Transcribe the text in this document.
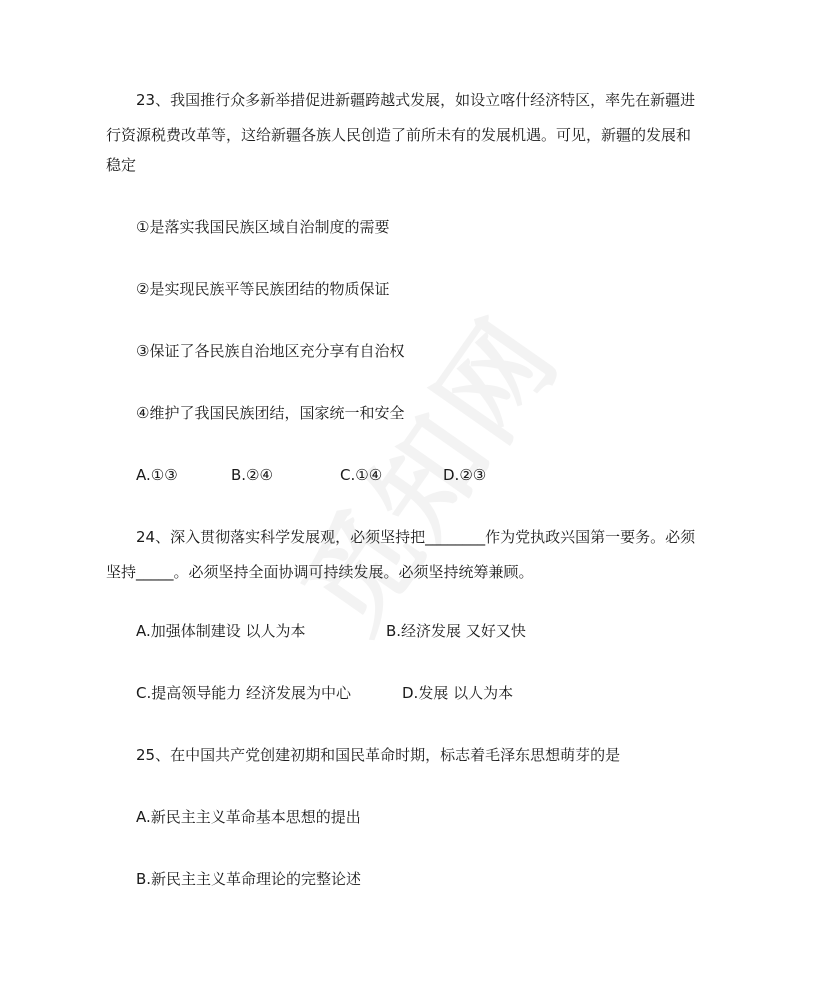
23、我国推行众多新举措促进新疆跨越式发展，如设立喀什经济特区，率先在新疆进
行资源税费改革等，这给新疆各族人民创造了前所未有的发展机遇。可见，新疆的发展和
稳定
①是落实我国民族区域自治制度的需要
②是实现民族平等民族团结的物质保证
③保证了各民族自治地区充分享有自治权
④维护了我国民族团结，国家统一和安全
A.①③	B.②④	C.①④	D.②③
24、深入贯彻落实科学发展观，必须坚持把________作为党执政兴国第一要务。必须
坚持_____。必须坚持全面协调可持续发展。必须坚持统筹兼顾。
A.加强体制建设 以人为本	B.经济发展 又好又快
C.提高领导能力 经济发展为中心	D.发展 以人为本
25、在中国共产党创建初期和国民革命时期，标志着毛泽东思想萌芽的是
A.新民主主义革命基本思想的提出
B.新民主主义革命理论的完整论述
